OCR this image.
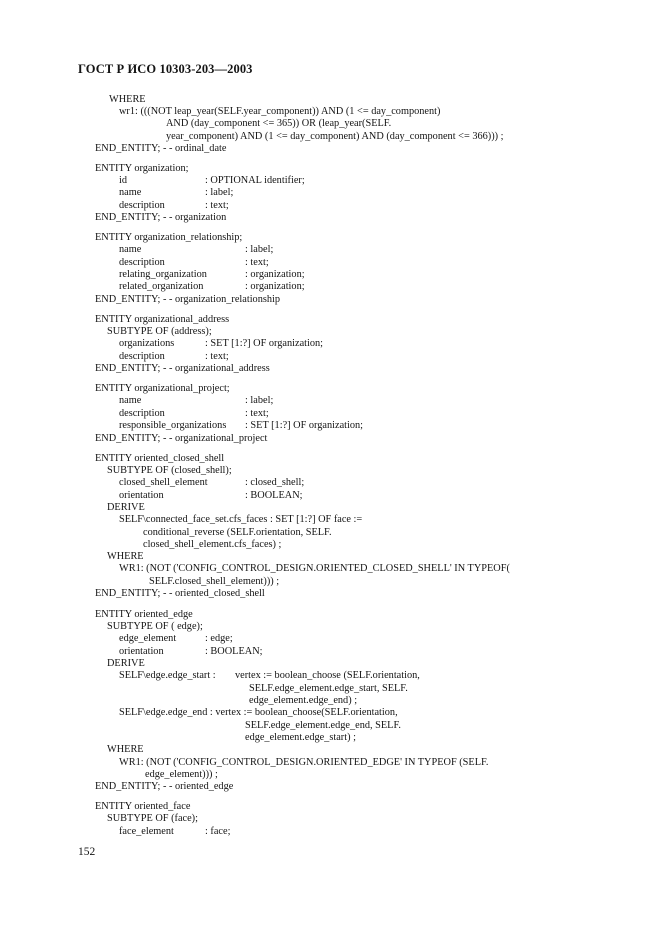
ГОСТ Р ИСО 10303-203—2003
WHERE
wr1: (((NOT leap_year(SELF.year_component)) AND (1 <= day_component)
AND (day_component <= 365)) OR (leap_year(SELF.
year_component) AND (1 <= day_component) AND (day_component <= 366))) ;
END_ENTITY; - - ordinal_date
ENTITY organization;
id	: OPTIONAL identifier;
name	: label;
description	: text;
END_ENTITY; - - organization
ENTITY organization_relationship;
name	: label;
description	: text;
relating_organization	: organization;
related_organization	: organization;
END_ENTITY; - - organization_relationship
ENTITY organizational_address
SUBTYPE OF (address);
organizations	: SET [1:?] OF organization;
description	: text;
END_ENTITY; - - organizational_address
ENTITY organizational_project;
name	: label;
description	: text;
responsible_organizations : SET [1:?] OF organization;
END_ENTITY; - - organizational_project
ENTITY oriented_closed_shell
SUBTYPE OF (closed_shell);
closed_shell_element	: closed_shell;
orientation	: BOOLEAN;
DERIVE
SELF\connected_face_set.cfs_faces : SET [1:?] OF face :=
conditional_reverse (SELF.orientation, SELF.
closed_shell_element.cfs_faces) ;
WHERE
WR1: (NOT ('CONFIG_CONTROL_DESIGN.ORIENTED_CLOSED_SHELL' IN TYPEOF(
SELF.closed_shell_element))) ;
END_ENTITY; - - oriented_closed_shell
ENTITY oriented_edge
SUBTYPE OF ( edge);
edge_element	: edge;
orientation	: BOOLEAN;
DERIVE
SELF\edge.edge_start : vertex := boolean_choose (SELF.orientation,
SELF.edge_element.edge_start, SELF.
edge_element.edge_end) ;
SELF\edge.edge_end : vertex := boolean_choose(SELF.orientation,
SELF.edge_element.edge_end, SELF.
edge_element.edge_start) ;
WHERE
WR1: (NOT ('CONFIG_CONTROL_DESIGN.ORIENTED_EDGE' IN TYPEOF (SELF.
edge_element))) ;
END_ENTITY; - - oriented_edge
ENTITY oriented_face
SUBTYPE OF (face);
face_element	: face;
152
